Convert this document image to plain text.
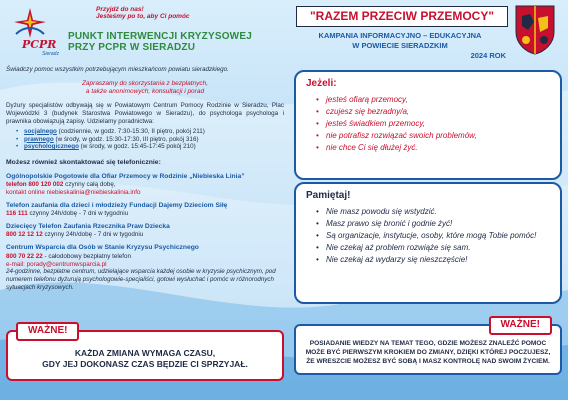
PCPR
Sieradz
Przyjdź do nas!
Jesteśmy po to, aby Ci pomóc
PUNKT INTERWENCJI KRYZYSOWEJ
PRZY PCPR W SIERADZU
Świadczy pomoc wszystkim potrzebującym mieszkańcom powiatu sieradzkiego.
Zapraszamy do skorzystania z bezpłatnych,
a także anonimowych, konsultacji i porad
Dyżury specjalistów odbywają się w Powiatowym Centrum Pomocy Rodzinie w Sieradzu, Plac Wojewódzki 3 (budynek Starostwa Powiatowego w Sieradzu), do psychologa psychologa i prawnika obowiązują zapisy. Udzielamy poradnictwa:
• socjalnego (codziennie, w godz. 7:30-15:30, II piętro, pokój 211)
• prawnego (w środy, w godz. 15:30-17:30, III piętro, pokój 316)
• psychologicznego (w środy, w godz. 15:45-17:45 pokój 210)
Możesz również skontaktować się telefonicznie:
Ogólnopolskie Pogotowie dla Ofiar Przemocy w Rodzinie „Niebieska Linia”
telefon 800 120 002 czynny całą dobę,
kontakt online niebieskalinia@niebieskalinia.info
Telefon zaufania dla dzieci i młodzieży Fundacji Dajemy Dzieciom Siłę
116 111 czynny 24h/dobę - 7 dni w tygodniu
Dziecięcy Telefon Zaufania Rzecznika Praw Dziecka
800 12 12 12 czynny 24h/dobę - 7 dni w tygodniu
Centrum Wsparcia dla Osób w Stanie Kryzysu Psychicznego
800 70 22 22 - całodobowy bezpłatny telefon
e-mail: porady@centrumwsparcia.pl
24-godzinne, bezpłatne centrum, udzielające wsparcia każdej osobie w kryzysie psychicznym, pod numerem telefonu dyżurują psychologowie-specjaliści, gotowi wysłuchać i pomóc w różnorodnych sytuacjach kryzysowych.
WAŻNE!
KAŻDA ZMIANA WYMAGA CZASU,
GDY JEJ DOKONASZ CZAS BĘDZIE CI SPRZYJAŁ.
"RAZEM PRZECIW PRZEMOCY"
KAMPANIA INFORMACYJNO – EDUKACYJNA
W POWIECIE SIERADZKIM
2024 ROK
Jeżeli:
• jesteś ofiarą przemocy,
• czujesz się bezradny/a,
• jesteś świadkiem przemocy,
• nie potrafisz rozwiązać swoich problemów,
• nie chce Ci się dłużej żyć.
Pamiętaj!
• Nie masz powodu się wstydzić.
• Masz prawo się bronić i godnie żyć!
• Są organizacje, instytucje, osoby, które mogą Tobie pomóc!
• Nie czekaj aż problem rozwiąże się sam.
• Nie czekaj aż wydarzy się nieszczęście!
WAŻNE!
POSIADANIE WIEDZY NA TEMAT TEGO, GDZIE MOŻESZ ZNALEŹĆ POMOC MOŻE BYĆ PIERWSZYM KROKIEM DO ZMIANY, DZIĘKI KTÓREJ POCZUJESZ, ŻE WRESZCIE MOŻESZ BYĆ SOBĄ I MASZ KONTROLĘ NAD SWOIM ŻYCIEM.
